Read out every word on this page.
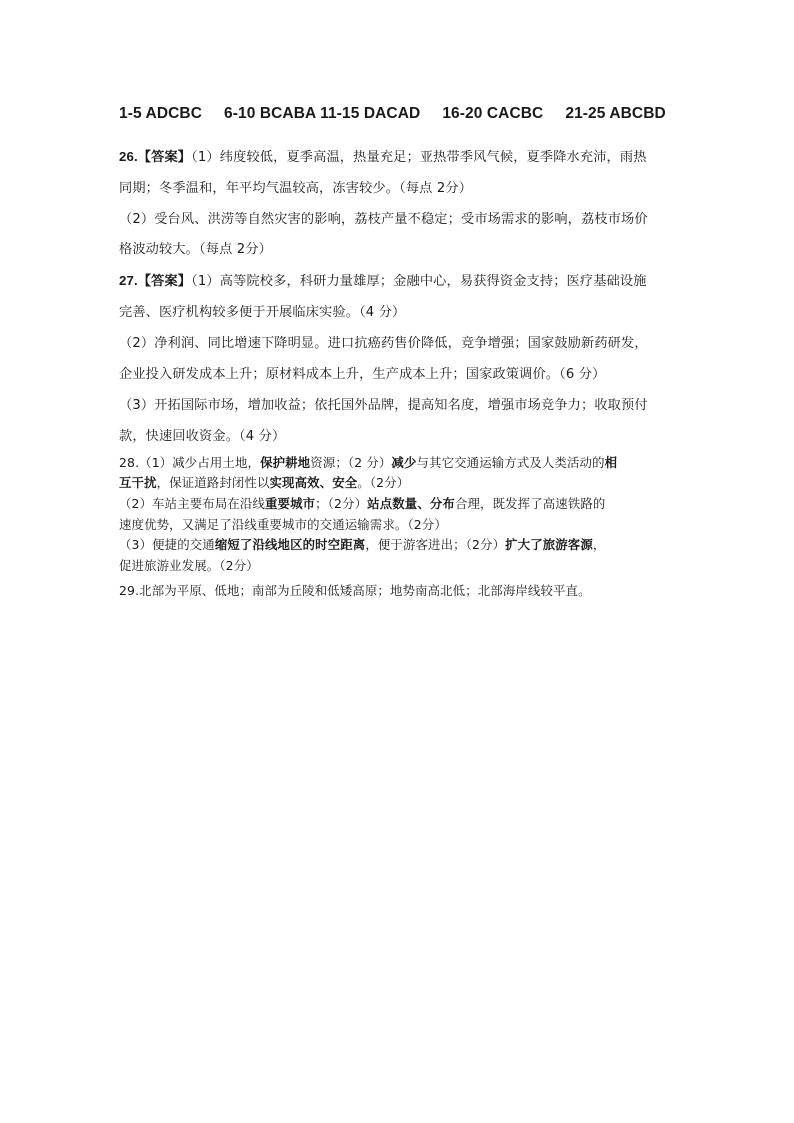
1-5 ADCBC 6-10 BCABA 11-15 DACAD 16-20 CACBC 21-25 ABCBD
26.【答案】（1）纬度较低，夏季高温，热量充足；亚热带季风气候，夏季降水充沛，雨热
同期；冬季温和，年平均气温较高，冻害较少。（每点 2分）
（2）受台风、洪涝等自然灾害的影响，荔枝产量不稳定；受市场需求的影响，荔枝市场价
格波动较大。（每点 2分）
27.【答案】（1）高等院校多，科研力量雄厚；金融中心，易获得资金支持；医疗基础设施
完善、医疗机构较多便于开展临床实验。（4 分）
（2）净利润、同比增速下降明显。进口抗癌药售价降低，竞争增强；国家鼓励新药研发，
企业投入研发成本上升；原材料成本上升，生产成本上升；国家政策调价。（6 分）
（3）开拓国际市场，增加收益；依托国外品牌，提高知名度，增强市场竞争力；收取预付
款，快速回收资金。（4 分）
28.（1）减少占用土地，保护耕地资源；（2 分）减少与其它交通运输方式及人类活动的相
互干扰，保证道路封闭性以实现高效、安全。（2分）
（2）车站主要布局在沿线重要城市；（2分）站点数量、分布合理，既发挥了高速铁路的
速度优势，又满足了沿线重要城市的交通运输需求。（2分）
（3）便捷的交通缩短了沿线地区的时空距离，便于游客进出；（2分）扩大了旅游客源，
促进旅游业发展。（2分）
29.北部为平原、低地；南部为丘陵和低矮高原；地势南高北低；北部海岸线较平直。
